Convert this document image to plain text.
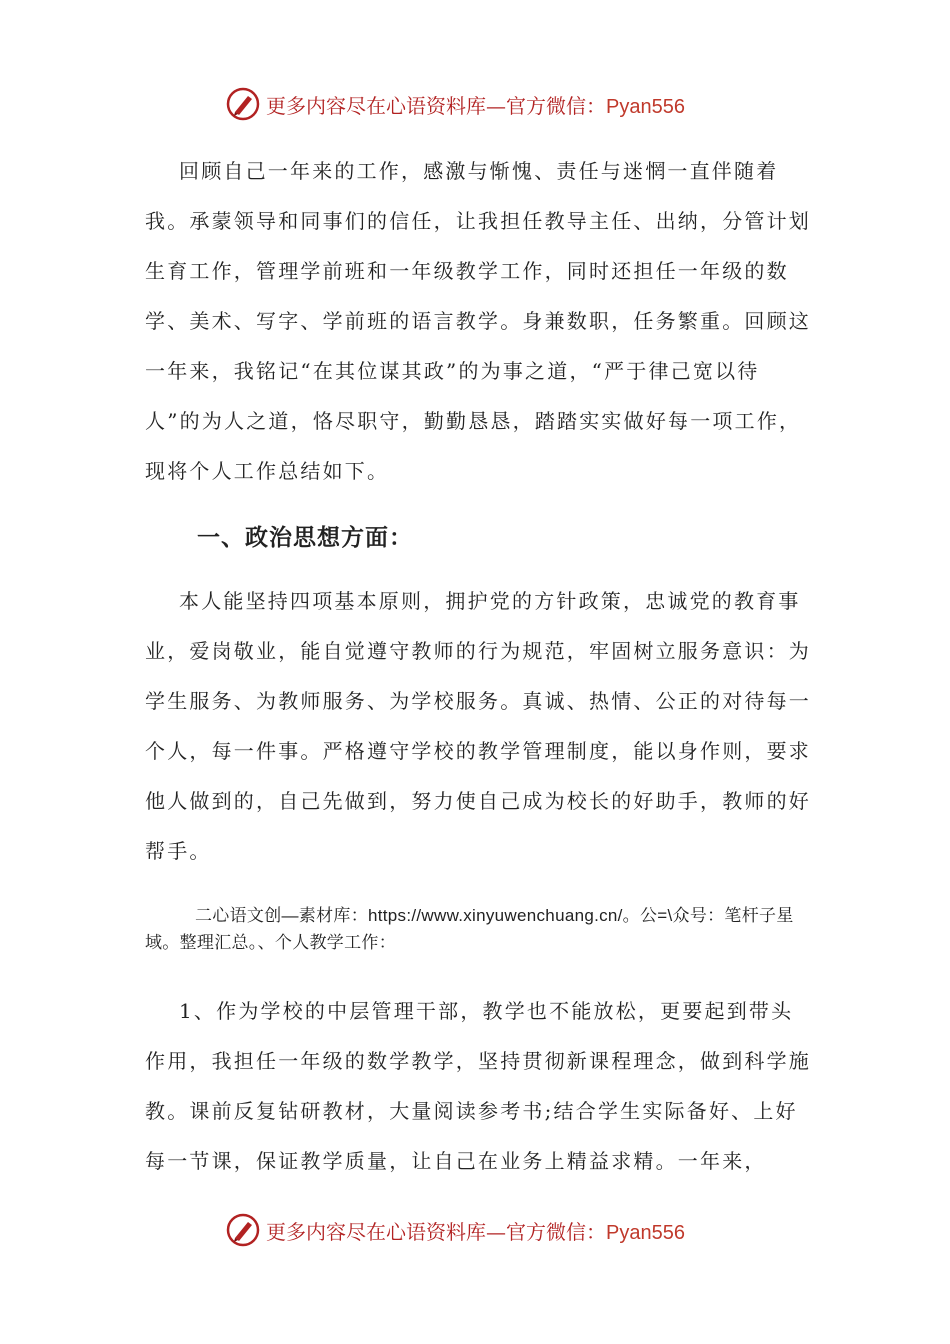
更多内容尽在心语资料库—官方微信：Pyan556

回顾自己一年来的工作，感激与惭愧、责任与迷惘一直伴随着我。承蒙领导和同事们的信任，让我担任教导主任、出纳，分管计划生育工作，管理学前班和一年级教学工作，同时还担任一年级的数学、美术、写字、学前班的语言教学。身兼数职，任务繁重。回顾这一年来，我铭记“在其位谋其政”的为事之道，“严于律己宽以待人”的为人之道，恪尽职守，勤勤恳恳，踏踏实实做好每一项工作，现将个人工作总结如下。

一、政治思想方面：

本人能坚持四项基本原则，拥护党的方针政策，忠诚党的教育事业，爱岗敬业，能自觉遵守教师的行为规范，牢固树立服务意识：为学生服务、为教师服务、为学校服务。真诚、热情、公正的对待每一个人，每一件事。严格遵守学校的教学管理制度，能以身作则，要求他人做到的，自己先做到，努力使自己成为校长的好助手，教师的好帮手。

二心语文创—素材库：https://www.xinyuwenchuang.cn/。公=\众号：笔杆子星域。整理汇总。、个人教学工作：

1、作为学校的中层管理干部，教学也不能放松，更要起到带头作用，我担任一年级的数学教学，坚持贯彻新课程理念，做到科学施教。课前反复钻研教材，大量阅读参考书;结合学生实际备好、上好每一节课，保证教学质量，让自己在业务上精益求精。一年来，

更多内容尽在心语资料库—官方微信：Pyan556
